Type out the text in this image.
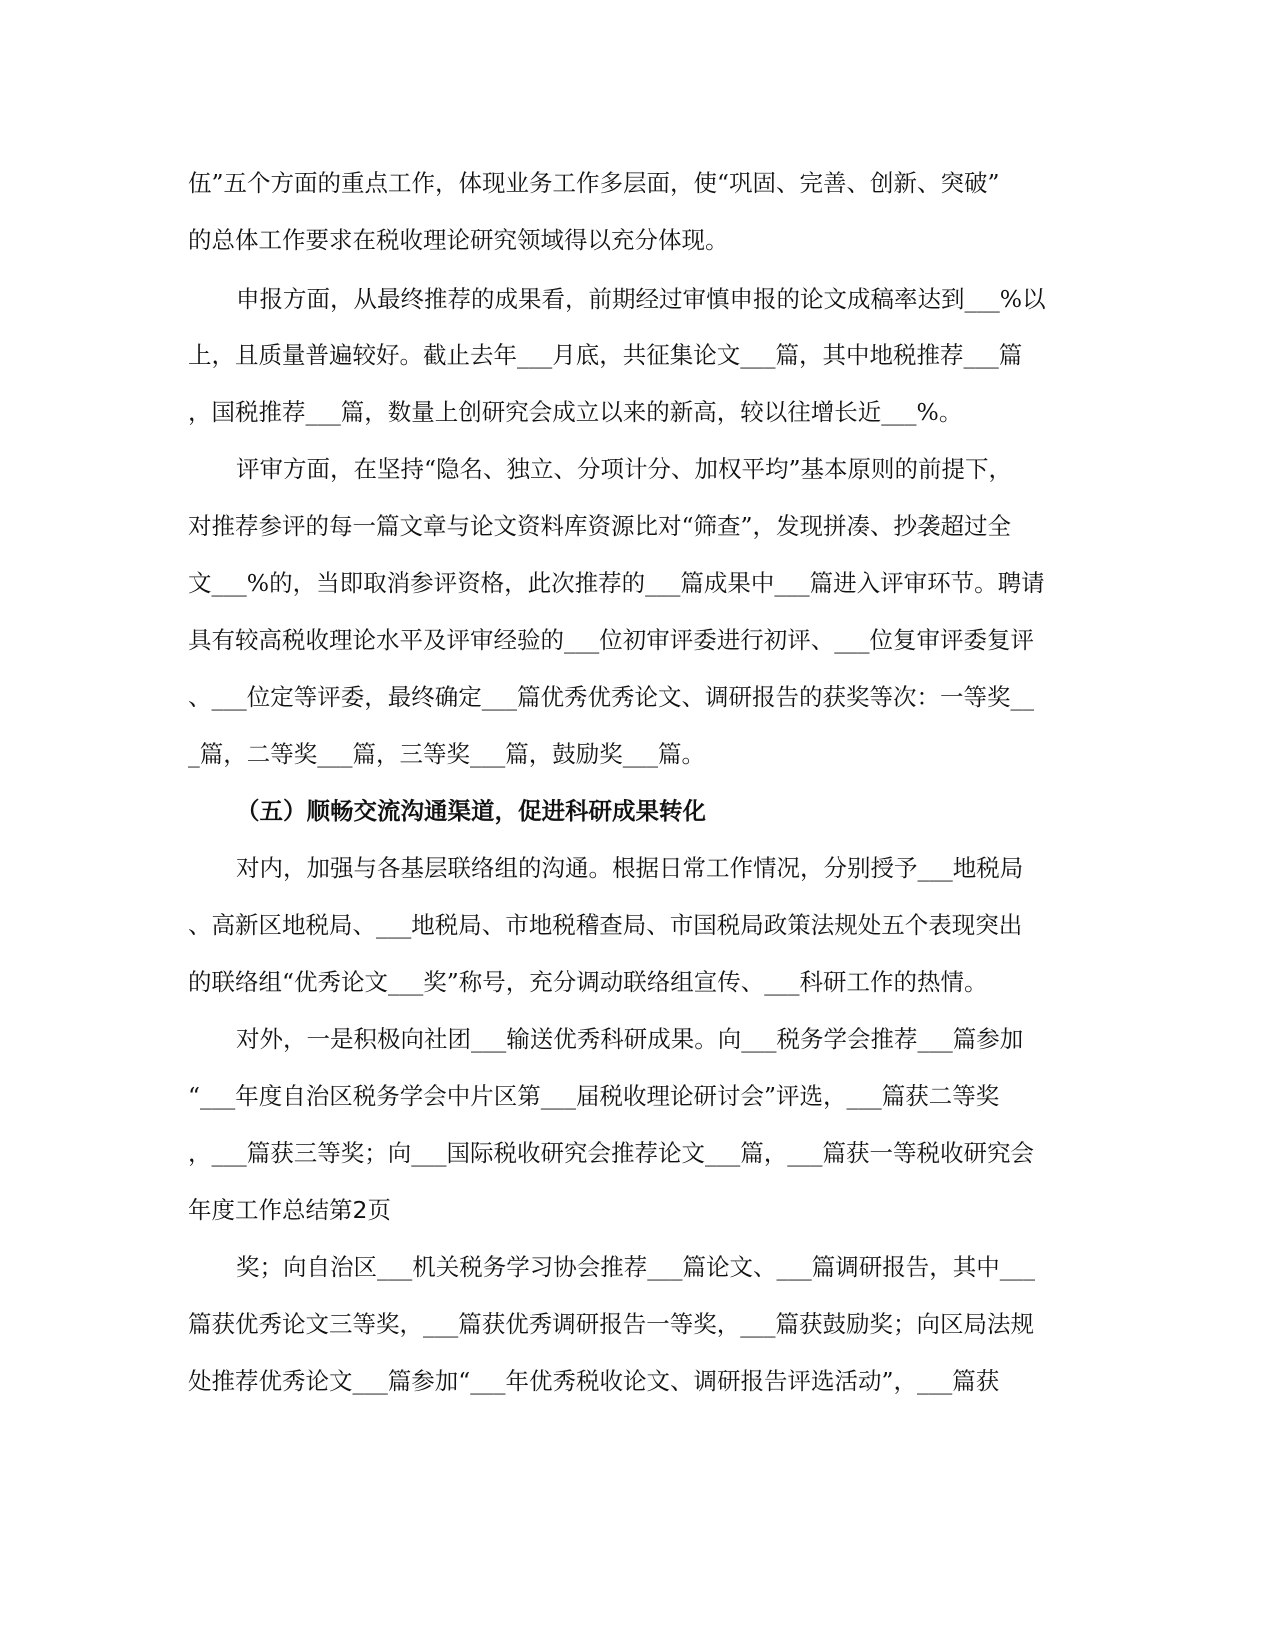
伍”五个方面的重点工作，体现业务工作多层面，使“巩固、完善、创新、突破”
的总体工作要求在税收理论研究领域得以充分体现。
申报方面，从最终推荐的成果看，前期经过审慎申报的论文成稿率达到___%以
上，且质量普遍较好。截止去年___月底，共征集论文___篇，其中地税推荐___篇
，国税推荐___篇，数量上创研究会成立以来的新高，较以往增长近___%。
评审方面，在坚持“隐名、独立、分项计分、加权平均”基本原则的前提下，
对推荐参评的每一篇文章与论文资料库资源比对“筛查”，发现拼凑、抄袭超过全
文___%的，当即取消参评资格，此次推荐的___篇成果中___篇进入评审环节。聘请
具有较高税收理论水平及评审经验的___位初审评委进行初评、___位复审评委复评
、___位定等评委，最终确定___篇优秀优秀论文、调研报告的获奖等次：一等奖__
_篇，二等奖___篇，三等奖___篇，鼓励奖___篇。
（五）顺畅交流沟通渠道，促进科研成果转化
对内，加强与各基层联络组的沟通。根据日常工作情况，分别授予___地税局
、高新区地税局、___地税局、市地税稽查局、市国税局政策法规处五个表现突出
的联络组“优秀论文___奖”称号，充分调动联络组宣传、___科研工作的热情。
对外，一是积极向社团___输送优秀科研成果。向___税务学会推荐___篇参加
“___年度自治区税务学会中片区第___届税收理论研讨会”评选，___篇获二等奖
，___篇获三等奖；向___国际税收研究会推荐论文___篇，___篇获一等税收研究会
年度工作总结第2页
奖；向自治区___机关税务学习协会推荐___篇论文、___篇调研报告，其中___
篇获优秀论文三等奖，___篇获优秀调研报告一等奖，___篇获鼓励奖；向区局法规
处推荐优秀论文___篇参加“___年优秀税收论文、调研报告评选活动”，___篇获
